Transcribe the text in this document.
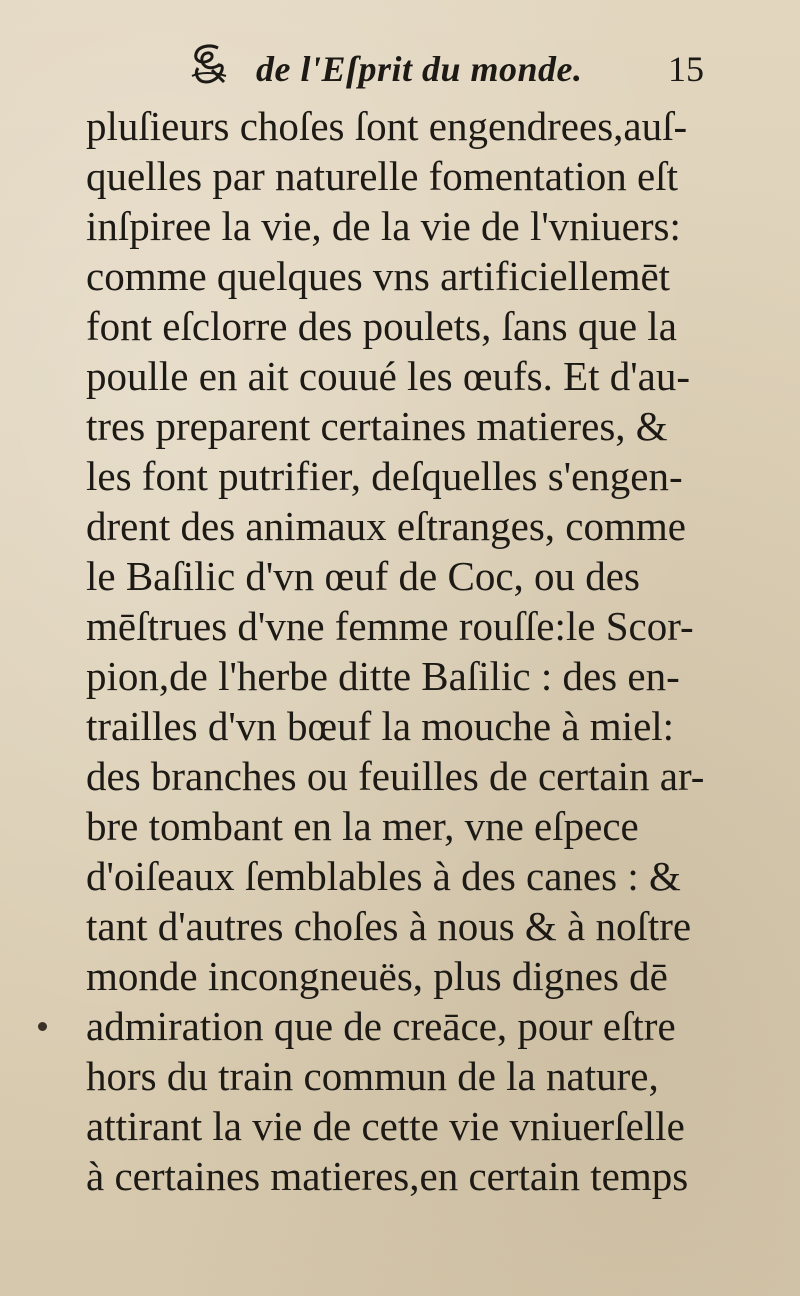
de l'Eſprit du monde. 15
pluſieurs choſes ſont engendrees,auſ-
quelles par naturelle fomentation eſt
inſpiree la vie, de la vie de l'vniuers:
comme quelques vns artificiellemēt
font eſclorre des poulets, ſans que la
poulle en ait couué les œufs. Et d'au-
tres preparent certaines matieres, &
les font putrifier, deſquelles s'engen-
drent des animaux eſtranges, comme
le Baſilic d'vn œuf de Coc, ou des
mēſtrues d'vne femme rouſſe:le Scor-
pion,de l'herbe ditte Baſilic : des en-
trailles d'vn bœuf la mouche à miel:
des branches ou feuilles de certain ar-
bre tombant en la mer, vne eſpece
d'oiſeaux ſemblables à des canes : &
tant d'autres choſes à nous & à noſtre
monde incongneuës, plus dignes dē
admiration que de creāce, pour eſtre
hors du train commun de la nature,
attirant la vie de cette vie vniuerſelle
à certaines matieres,en certain temps
